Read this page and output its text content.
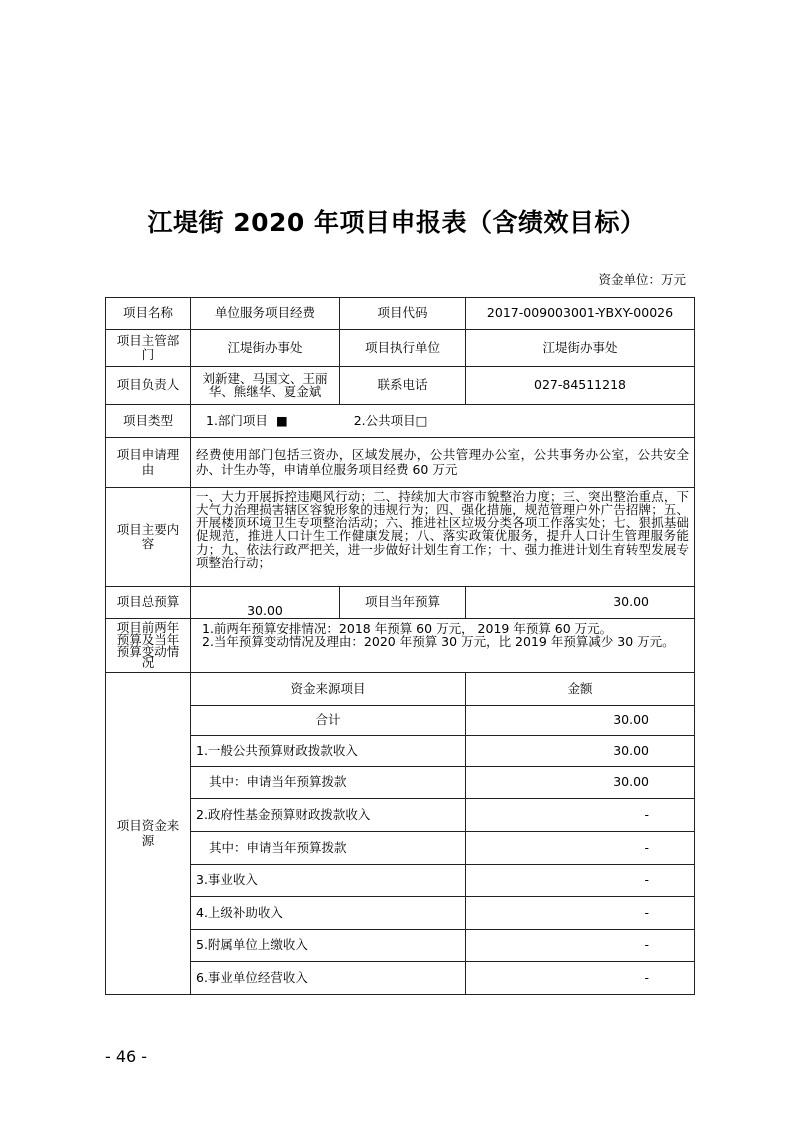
江堤街 2020 年项目申报表（含绩效目标）
资金单位：万元
项目名称	单位服务项目经费	项目代码	2017-009003001-YBXY-00026
项目主管部门	江堤街办事处	项目执行单位	江堤街办事处
项目负责人	刘新建、马国文、王丽华、熊继华、夏金斌	联系电话	027-84511218
项目类型	1.部门项目 ■ 2.公共项目□		
项目申请理由	经费使用部门包括三资办，区域发展办，公共管理办公室，公共事务办公室，公共安全办、计生办等，申请单位服务项目经费 60 万元		
项目主要内容	一、大力开展拆控违飓风行动；二、持续加大市容市貌整治力度；三、突出整治重点，下大气力治理损害辖区容貌形象的违规行为；四、强化措施，规范管理户外广告招牌；五、开展楼顶环境卫生专项整治活动；六、推进社区垃圾分类各项工作落实处；七、狠抓基础促规范，推进人口计生工作健康发展；八、落实政策优服务，提升人口计生管理服务能力；九、依法行政严把关，进一步做好计划生育工作；十、强力推进计划生育转型发展专项整治行动；		
项目总预算	30.00	项目当年预算	30.00
项目前两年预算及当年预算变动情况	1.前两年预算安排情况：2018 年预算 60 万元， 2019 年预算 60 万元。
2.当年预算变动情况及理由：2020 年预算 30 万元，比 2019 年预算减少 30 万元。		

项目资金来源	资金来源项目		金额
	合计		30.00
	1.一般公共预算财政拨款收入		30.00
	其中：申请当年预算拨款		30.00
	2.政府性基金预算财政拨款收入		-
	其中：申请当年预算拨款		-
	3.事业收入		-
	4.上级补助收入		-
	5.附属单位上缴收入		-
	6.事业单位经营收入		-
- 46 -
